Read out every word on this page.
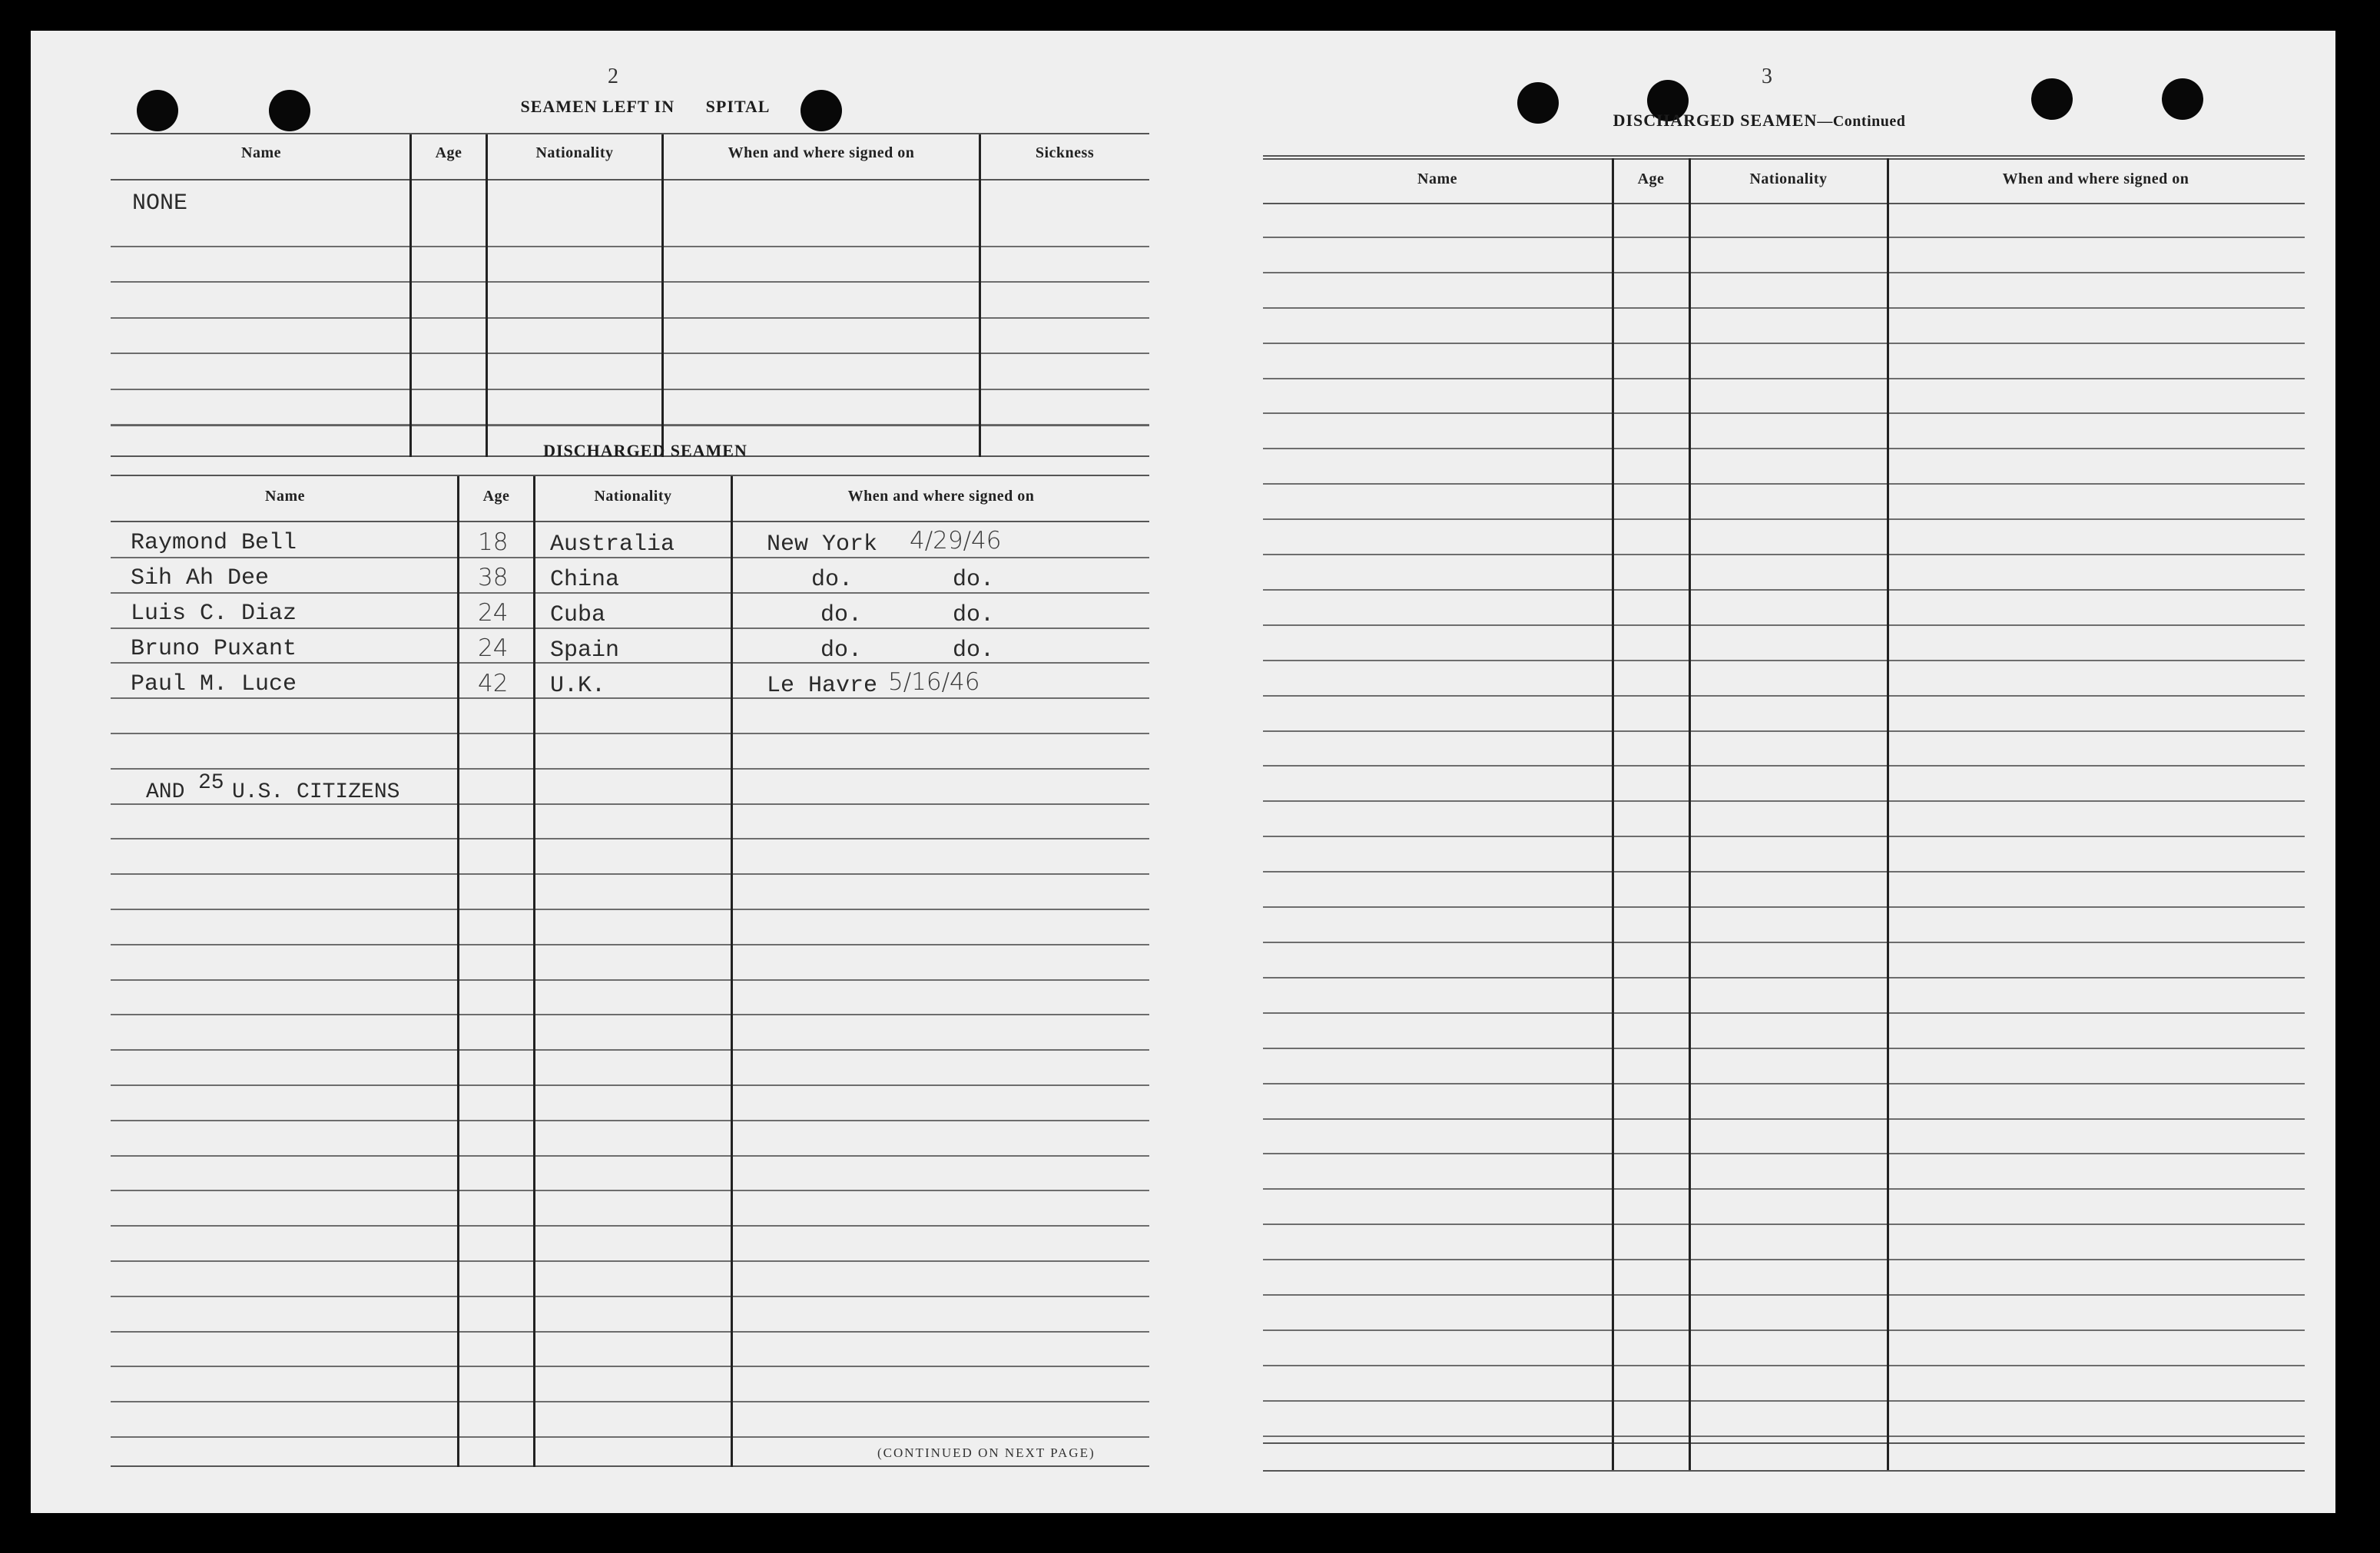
2
SEAMEN LEFT IN SPITAL
Name	Age	Nationality	When and where signed on	Sickness
NONE
DISCHARGED SEAMEN
Name	Age	Nationality	When and where signed on
Raymond Bell	18 Australia	New York 4/29/46
Sih Ah Dee	38 China	do.	do.
Luis C. Diaz	24 Cuba	do.	do.
Bruno Puxant	24 Spain	do.	do.
Paul M. Luce	42 U.K.	Le Havre 5/16/46
AND 25 U.S. CITIZENS
(CONTINUED ON NEXT PAGE)
3
DISCHARGED SEAMEN—Continued
Name	Age	Nationality	When and where signed on
